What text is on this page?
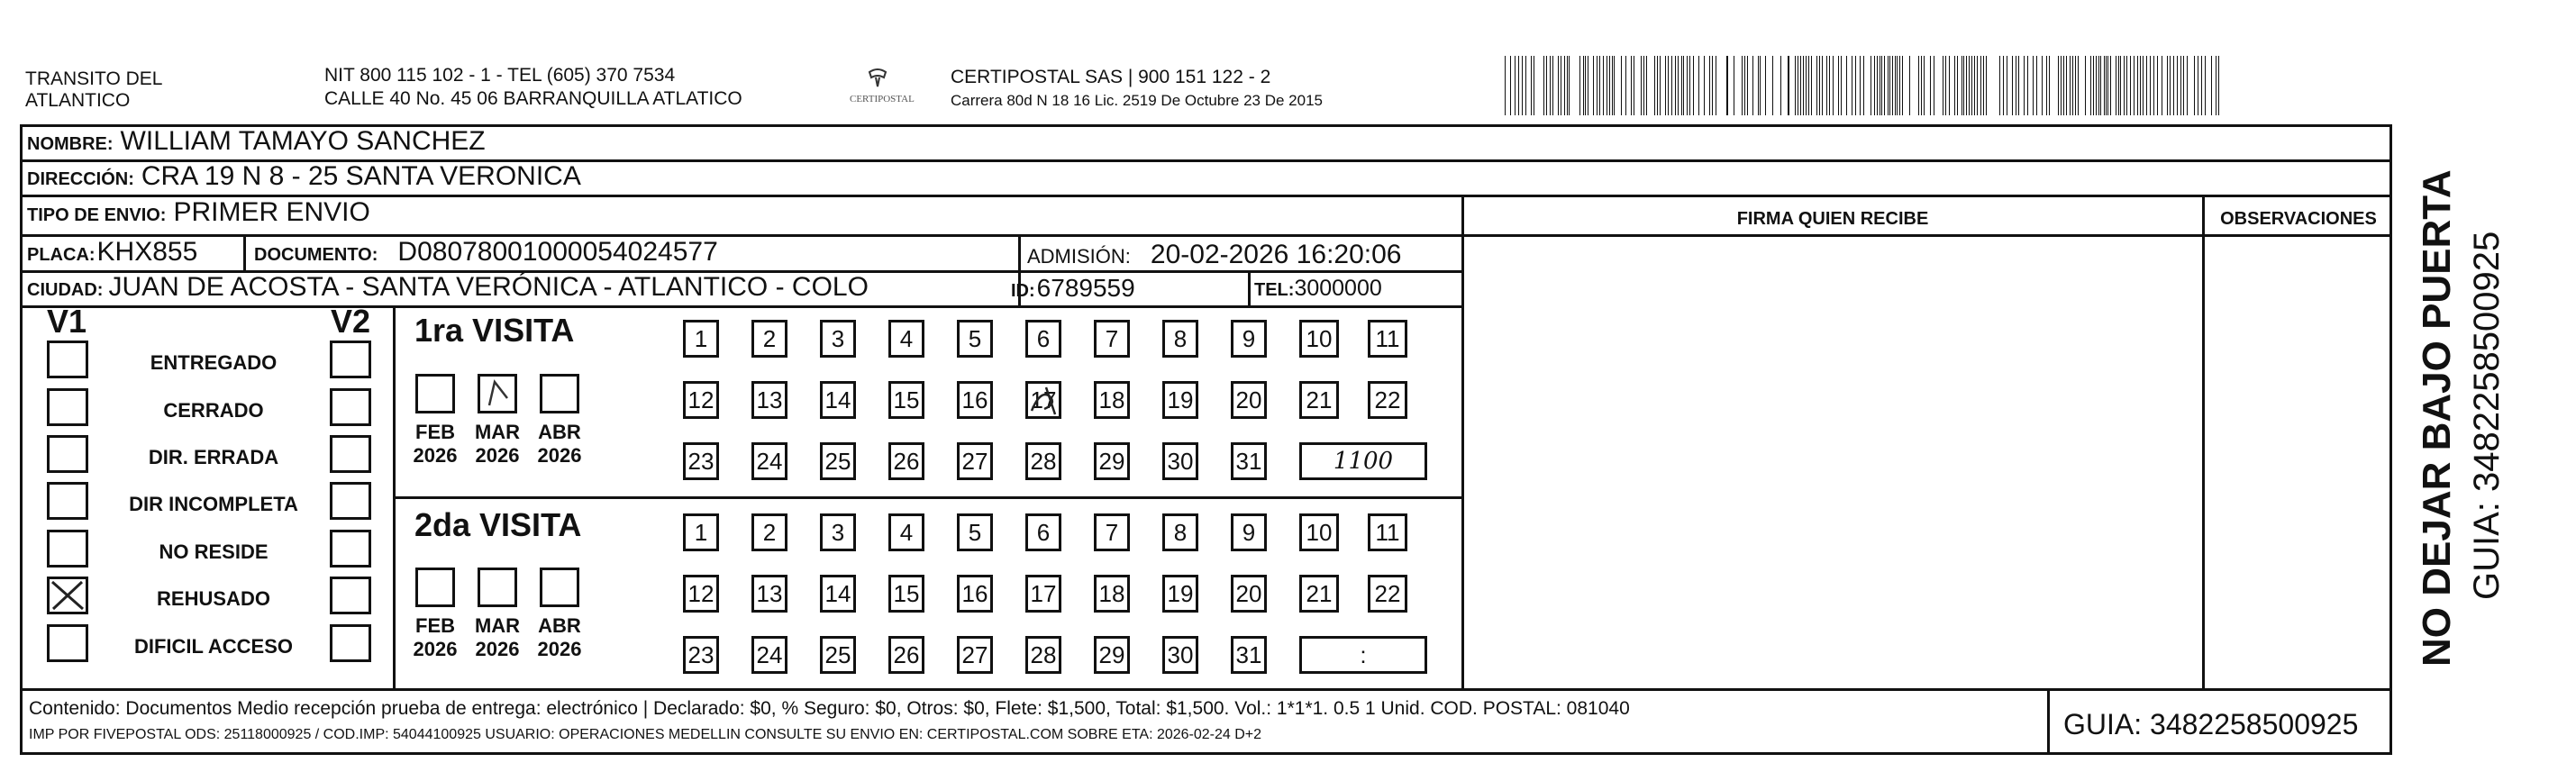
TRANSITO DEL
ATLANTICO
NIT 800 115 102 - 1 - TEL (605) 370 7534
CALLE 40 No. 45 06 BARRANQUILLA ATLATICO	CERTIPOSTAL
CERTIPOSTAL SAS | 900 151 122 - 2
Carrera 80d N 18 16 Lic. 2519 De Octubre 23 De 2015
NOMBRE: WILLIAM TAMAYO SANCHEZ
DIRECCIÓN: CRA 19 N 8 - 25 SANTA VERONICA
TIPO DE ENVIO: PRIMER ENVIO
PLACA: KHX855	DOCUMENTO: D08078001000054024577	ADMISIÓN: 20-02-2026 16:20:06
CIUDAD: JUAN DE ACOSTA - SANTA VERÓNICA - ATLANTICO - COLO	ID: 6789559	TEL: 3000000
FIRMA QUIEN RECIBE	OBSERVACIONES
V1	V2
ENTREGADO
CERRADO
DIR. ERRADA
DIR INCOMPLETA
NO RESIDE
REHUSADO
DIFICIL ACCESO
1ra VISITA
2da VISITA
FEB
2026
MAR
2026
ABR
2026
1	2	3	4	5	6	7	8	9	10	11
12 13 14 15 16 17 18 19 20 21 22
23 24 25 26 27 28 29 30 31	1100
FEB
2026
MAR
2026
ABR
2026
1	2	3	4	5	6	7	8	9	10	11
12 13 14 15 16 17 18 19 20 21 22
23 24 25 26 27 28 29 30 31	:
Contenido: Documentos Medio recepción prueba de entrega: electrónico | Declarado: $0, % Seguro: $0, Otros: $0, Flete: $1,500, Total: $1,500. Vol.: 1*1*1. 0.5 1 Unid. COD. POSTAL: 081040
IMP POR FIVEPOSTAL ODS: 25118000925 / COD.IMP: 54044100925 USUARIO: OPERACIONES MEDELLIN CONSULTE SU ENVIO EN: CERTIPOSTAL.COM SOBRE ETA: 2026-02-24 D+2	GUIA: 3482258500925
NO DEJAR BAJO PUERTA GUIA: 3482258500925
